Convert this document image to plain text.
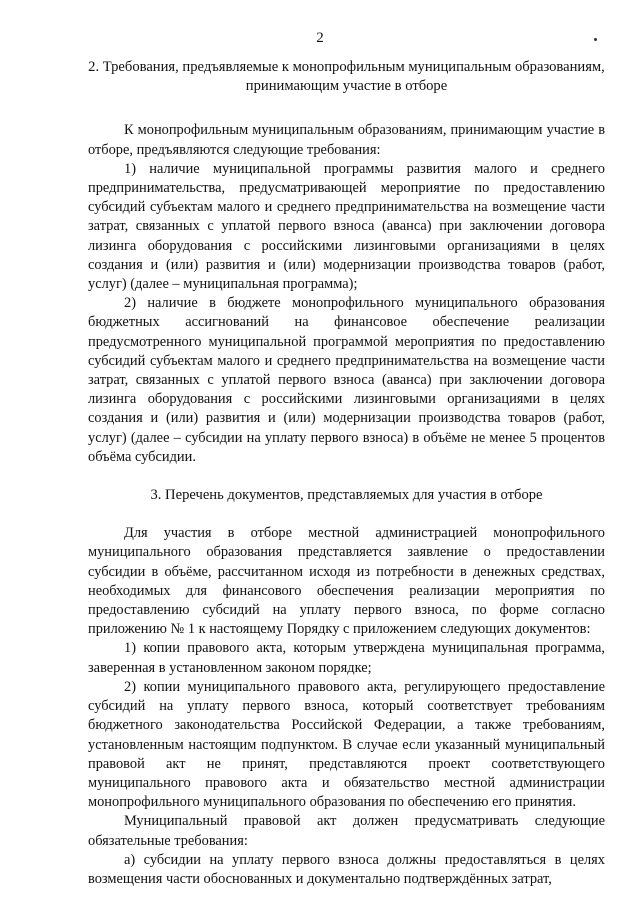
2
2. Требования, предъявляемые к монопрофильным муниципальным образованиям, принимающим участие в отборе

К монопрофильным муниципальным образованиям, принимающим участие в отборе, предъявляются следующие требования:

1) наличие муниципальной программы развития малого и среднего предпринимательства, предусматривающей мероприятие по предоставлению субсидий субъектам малого и среднего предпринимательства на возмещение части затрат, связанных с уплатой первого взноса (аванса) при заключении договора лизинга оборудования с российскими лизинговыми организациями в целях создания и (или) развития и (или) модернизации производства товаров (работ, услуг) (далее – муниципальная программа);

2) наличие в бюджете монопрофильного муниципального образования бюджетных ассигнований на финансовое обеспечение реализации предусмотренного муниципальной программой мероприятия по предоставлению субсидий субъектам малого и среднего предпринимательства на возмещение части затрат, связанных с уплатой первого взноса (аванса) при заключении договора лизинга оборудования с российскими лизинговыми организациями в целях создания и (или) развития и (или) модернизации производства товаров (работ, услуг) (далее – субсидии на уплату первого взноса) в объёме не менее 5 процентов объёма субсидии.

3. Перечень документов, представляемых для участия в отборе

Для участия в отборе местной администрацией монопрофильного муниципального образования представляется заявление о предоставлении субсидии в объёме, рассчитанном исходя из потребности в денежных средствах, необходимых для финансового обеспечения реализации мероприятия по предоставлению субсидий на уплату первого взноса, по форме согласно приложению № 1 к настоящему Порядку с приложением следующих документов:

1) копии правового акта, которым утверждена муниципальная программа, заверенная в установленном законом порядке;

2) копии муниципального правового акта, регулирующего предоставление субсидий на уплату первого взноса, который соответствует требованиям бюджетного законодательства Российской Федерации, а также требованиям, установленным настоящим подпунктом. В случае если указанный муниципальный правовой акт не принят, представляются проект соответствующего муниципального правового акта и обязательство местной администрации монопрофильного муниципального образования по обеспечению его принятия.

Муниципальный правовой акт должен предусматривать следующие обязательные требования:

а) субсидии на уплату первого взноса должны предоставляться в целях возмещения части обоснованных и документально подтверждённых затрат,
